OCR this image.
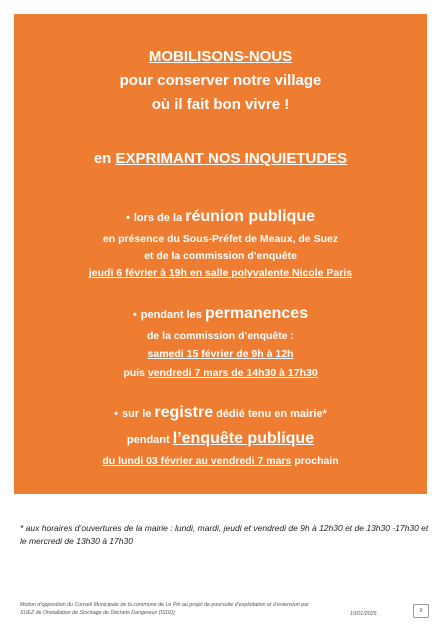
MOBILISONS-NOUS
pour conserver notre village
où il fait bon vivre !
en EXPRIMANT NOS INQUIETUDES
• lors de la réunion publique
en présence du Sous-Préfet de Meaux, de Suez
et de la commission d’enquête
jeudi 6 février à 19h en salle polyvalente Nicole Paris
• pendant les permanences
de la commission d’enquête :
samedi 15 février de 9h à 12h
puis vendredi 7 mars de 14h30 à 17h30
• sur le registre dédié tenu en mairie*
pendant l’enquête publique
du lundi 03 février au vendredi 7 mars prochain
* aux horaires d’ouvertures de la mairie : lundi, mardi, jeudi et vendredi de 9h à 12h30 et de 13h30 -17h30 et le mercredi de 13h30 à 17h30
Motion d’opposition du Conseil Municipale de la commune de Le Pin au projet de poursuite d’exploitation et d’extension par SUEZ de l’Installation de Stockage de Déchets Dangereux (ISDD)	10/01/2025	9
